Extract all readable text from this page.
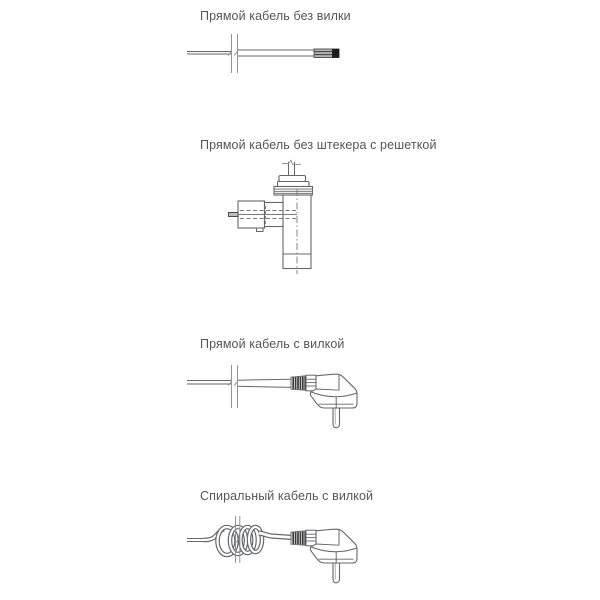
Прямой кабель без вилки
Прямой кабель без штекера с решеткой
Прямой кабель с вилкой
Спиральный кабель с вилкой
